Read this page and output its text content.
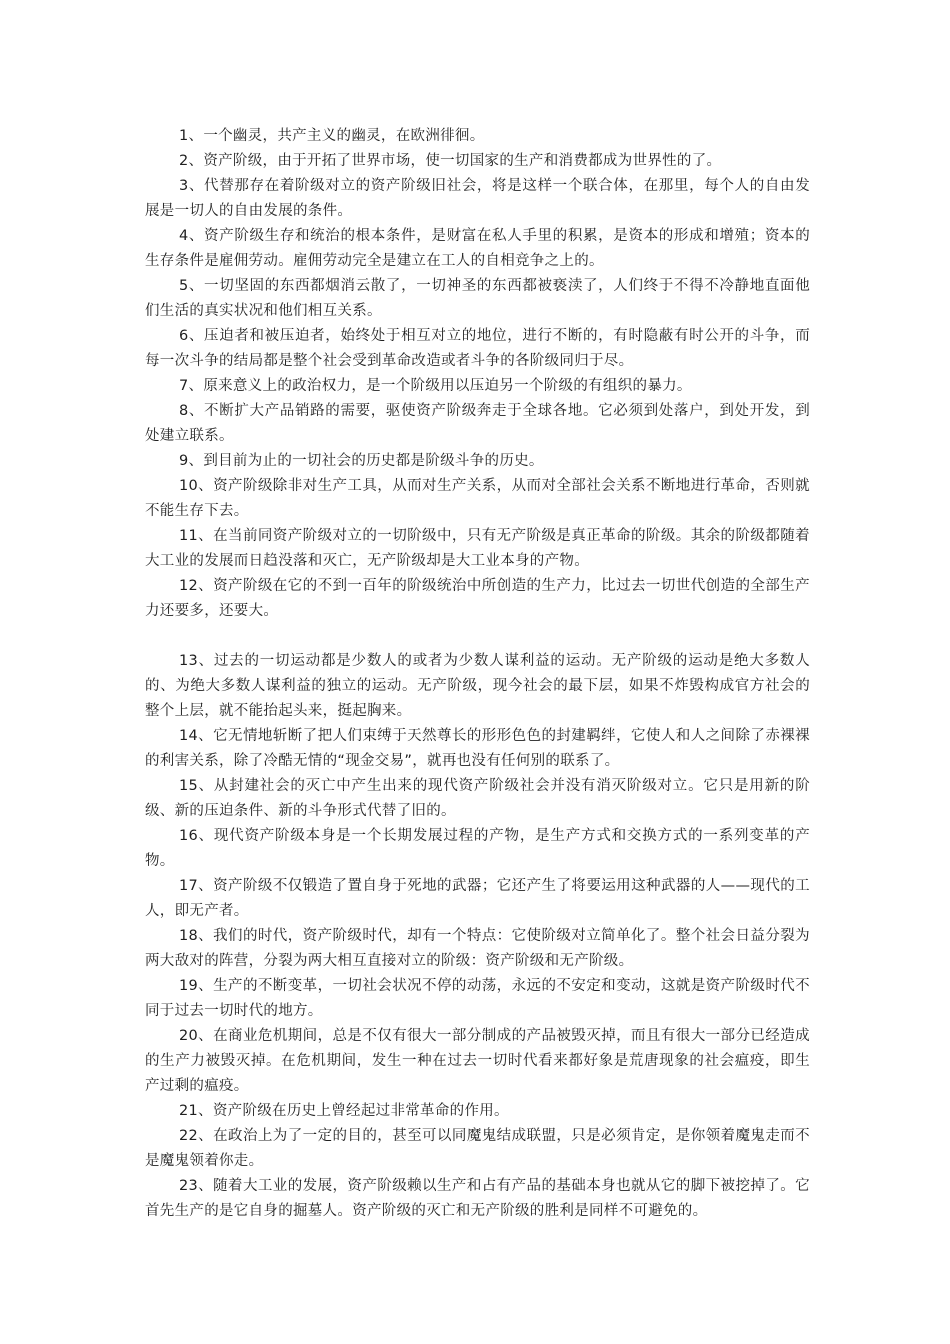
1、一个幽灵，共产主义的幽灵，在欧洲徘徊。

2、资产阶级，由于开拓了世界市场，使一切国家的生产和消费都成为世界性的了。

3、代替那存在着阶级对立的资产阶级旧社会，将是这样一个联合体，在那里，每个人的自由发展是一切人的自由发展的条件。

4、资产阶级生存和统治的根本条件，是财富在私人手里的积累，是资本的形成和增殖；资本的生存条件是雇佣劳动。雇佣劳动完全是建立在工人的自相竞争之上的。

5、一切坚固的东西都烟消云散了，一切神圣的东西都被亵渎了，人们终于不得不冷静地直面他们生活的真实状况和他们相互关系。

6、压迫者和被压迫者，始终处于相互对立的地位，进行不断的，有时隐蔽有时公开的斗争，而每一次斗争的结局都是整个社会受到革命改造或者斗争的各阶级同归于尽。

7、原来意义上的政治权力，是一个阶级用以压迫另一个阶级的有组织的暴力。

8、不断扩大产品销路的需要，驱使资产阶级奔走于全球各地。它必须到处落户，到处开发，到处建立联系。

9、到目前为止的一切社会的历史都是阶级斗争的历史。

10、资产阶级除非对生产工具，从而对生产关系，从而对全部社会关系不断地进行革命，否则就不能生存下去。

11、在当前同资产阶级对立的一切阶级中，只有无产阶级是真正革命的阶级。其余的阶级都随着大工业的发展而日趋没落和灭亡，无产阶级却是大工业本身的产物。

12、资产阶级在它的不到一百年的阶级统治中所创造的生产力，比过去一切世代创造的全部生产力还要多，还要大。

13、过去的一切运动都是少数人的或者为少数人谋利益的运动。无产阶级的运动是绝大多数人的、为绝大多数人谋利益的独立的运动。无产阶级，现今社会的最下层，如果不炸毁构成官方社会的整个上层，就不能抬起头来，挺起胸来。

14、它无情地斩断了把人们束缚于天然尊长的形形色色的封建羁绊，它使人和人之间除了赤裸裸的利害关系，除了冷酷无情的“现金交易”，就再也没有任何别的联系了。

15、从封建社会的灭亡中产生出来的现代资产阶级社会并没有消灭阶级对立。它只是用新的阶级、新的压迫条件、新的斗争形式代替了旧的。

16、现代资产阶级本身是一个长期发展过程的产物，是生产方式和交换方式的一系列变革的产物。

17、资产阶级不仅锻造了置自身于死地的武器；它还产生了将要运用这种武器的人——现代的工人，即无产者。

18、我们的时代，资产阶级时代，却有一个特点：它使阶级对立简单化了。整个社会日益分裂为两大敌对的阵营，分裂为两大相互直接对立的阶级：资产阶级和无产阶级。

19、生产的不断变革，一切社会状况不停的动荡，永远的不安定和变动，这就是资产阶级时代不同于过去一切时代的地方。

20、在商业危机期间，总是不仅有很大一部分制成的产品被毁灭掉，而且有很大一部分已经造成的生产力被毁灭掉。在危机期间，发生一种在过去一切时代看来都好象是荒唐现象的社会瘟疫，即生产过剩的瘟疫。

21、资产阶级在历史上曾经起过非常革命的作用。

22、在政治上为了一定的目的，甚至可以同魔鬼结成联盟，只是必须肯定，是你领着魔鬼走而不是魔鬼领着你走。

23、随着大工业的发展，资产阶级赖以生产和占有产品的基础本身也就从它的脚下被挖掉了。它首先生产的是它自身的掘墓人。资产阶级的灭亡和无产阶级的胜利是同样不可避免的。
